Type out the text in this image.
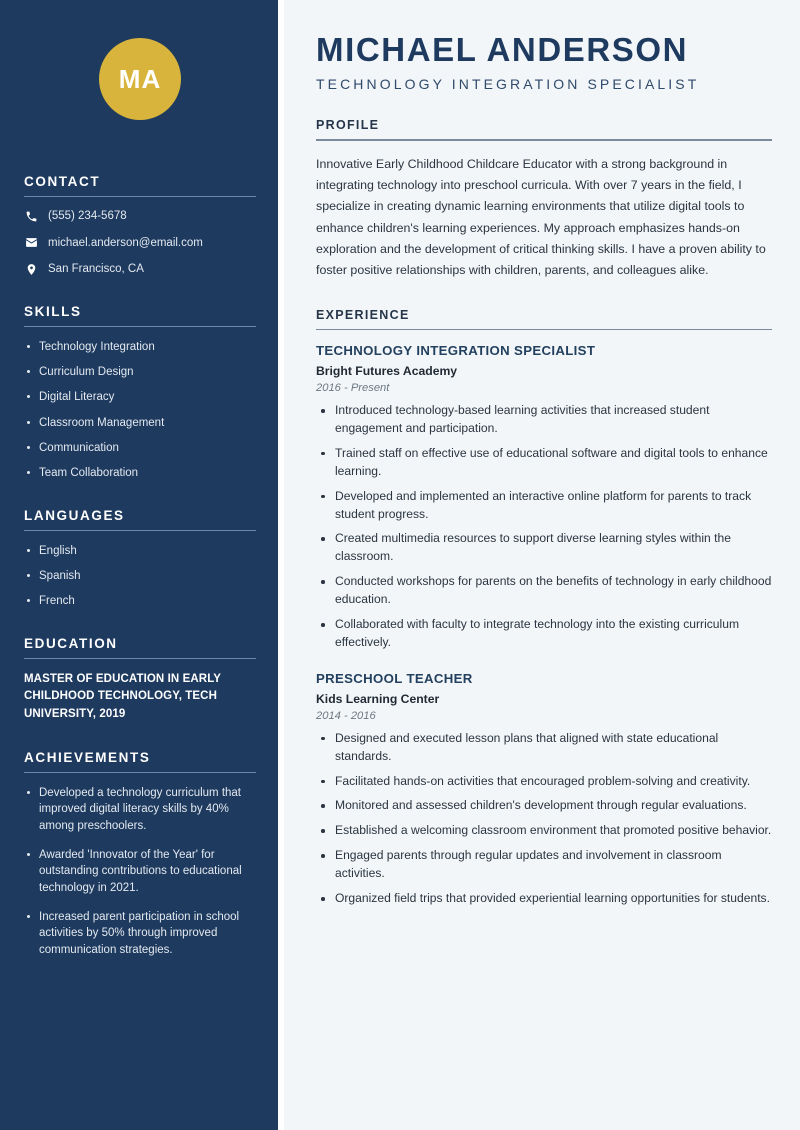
MA
CONTACT
(555) 234-5678
michael.anderson@email.com
San Francisco, CA
SKILLS
Technology Integration
Curriculum Design
Digital Literacy
Classroom Management
Communication
Team Collaboration
LANGUAGES
English
Spanish
French
EDUCATION
MASTER OF EDUCATION IN EARLY CHILDHOOD TECHNOLOGY, TECH UNIVERSITY, 2019
ACHIEVEMENTS
Developed a technology curriculum that improved digital literacy skills by 40% among preschoolers.
Awarded 'Innovator of the Year' for outstanding contributions to educational technology in 2021.
Increased parent participation in school activities by 50% through improved communication strategies.
MICHAEL ANDERSON
TECHNOLOGY INTEGRATION SPECIALIST
PROFILE

Innovative Early Childhood Childcare Educator with a strong background in integrating technology into preschool curricula. With over 7 years in the field, I specialize in creating dynamic learning environments that utilize digital tools to enhance children's learning experiences. My approach emphasizes hands-on exploration and the development of critical thinking skills. I have a proven ability to foster positive relationships with children, parents, and colleagues alike.

EXPERIENCE
TECHNOLOGY INTEGRATION SPECIALIST
Bright Futures Academy
2016 - Present
Introduced technology-based learning activities that increased student engagement and participation.
Trained staff on effective use of educational software and digital tools to enhance learning.
Developed and implemented an interactive online platform for parents to track student progress.
Created multimedia resources to support diverse learning styles within the classroom.
Conducted workshops for parents on the benefits of technology in early childhood education.
Collaborated with faculty to integrate technology into the existing curriculum effectively.
PRESCHOOL TEACHER
Kids Learning Center
2014 - 2016
Designed and executed lesson plans that aligned with state educational standards.
Facilitated hands-on activities that encouraged problem-solving and creativity.
Monitored and assessed children's development through regular evaluations.
Established a welcoming classroom environment that promoted positive behavior.
Engaged parents through regular updates and involvement in classroom activities.
Organized field trips that provided experiential learning opportunities for students.
